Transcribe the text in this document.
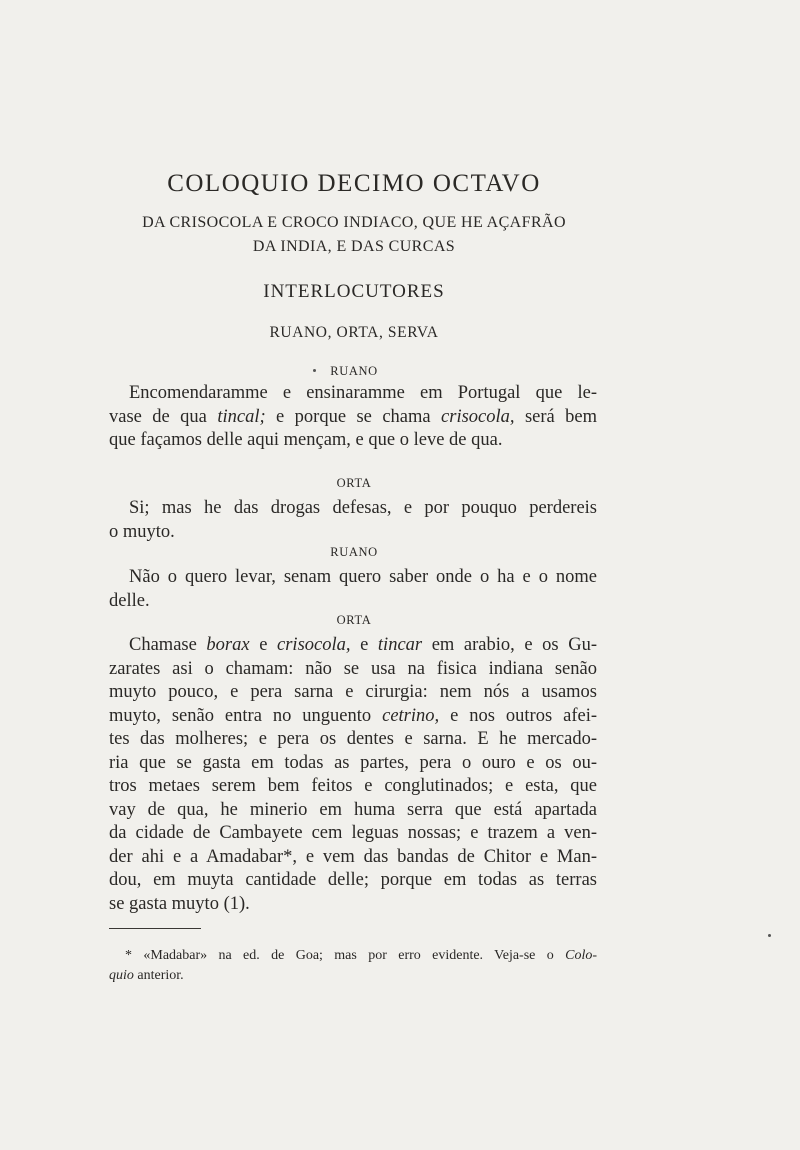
COLOQUIO DECIMO OCTAVO
DA CRISOCOLA E CROCO INDIACO, QUE HE AÇAFRÃO
DA INDIA, E DAS CURCAS
INTERLOCUTORES
RUANO, ORTA, SERVA
RUANO
Encomendaramme e ensinaramme em Portugal que le-
vase de qua tincal; e porque se chama crisocola, será bem
que façamos delle aqui mençam, e que o leve de qua.
ORTA
Si; mas he das drogas defesas, e por pouquo perdereis
o muyto.
RUANO
Não o quero levar, senam quero saber onde o ha e o nome
delle.
ORTA
Chamase borax e crisocola, e tincar em arabio, e os Gu-
zarates asi o chamam: não se usa na fisica indiana senão
muyto pouco, e pera sarna e cirurgia: nem nós a usamos
muyto, senão entra no unguento cetrino, e nos outros afei-
tes das molheres; e pera os dentes e sarna. E he mercado-
ria que se gasta em todas as partes, pera o ouro e os ou-
tros metaes serem bem feitos e conglutinados; e esta, que
vay de qua, he minerio em huma serra que está apartada
da cidade de Cambayete cem leguas nossas; e trazem a ven-
der ahi e a Amadabar*, e vem das bandas de Chitor e Man-
dou, em muyta cantidade delle; porque em todas as terras
se gasta muyto (1).
* «Madabar» na ed. de Goa; mas por erro evidente. Veja-se o Colo-
quio anterior.
